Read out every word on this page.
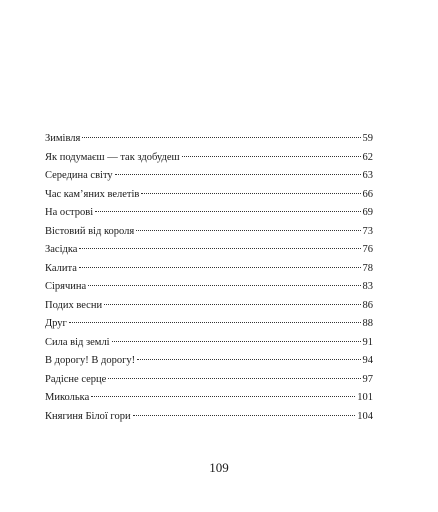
Зимівля	59
Як подумаєш — так здобудеш	62
Середина світу	63
Час кам’яних велетів	66
На острові	69
Вістовий від короля	73
Засідка	76
Калита	78
Сірячина	83
Подих весни	86
Друг	88
Сила від землі	91
В дорогу! В дорогу!	94
Радісне серце	97
Миколька	101
Княгиня Білої гори	104
109
